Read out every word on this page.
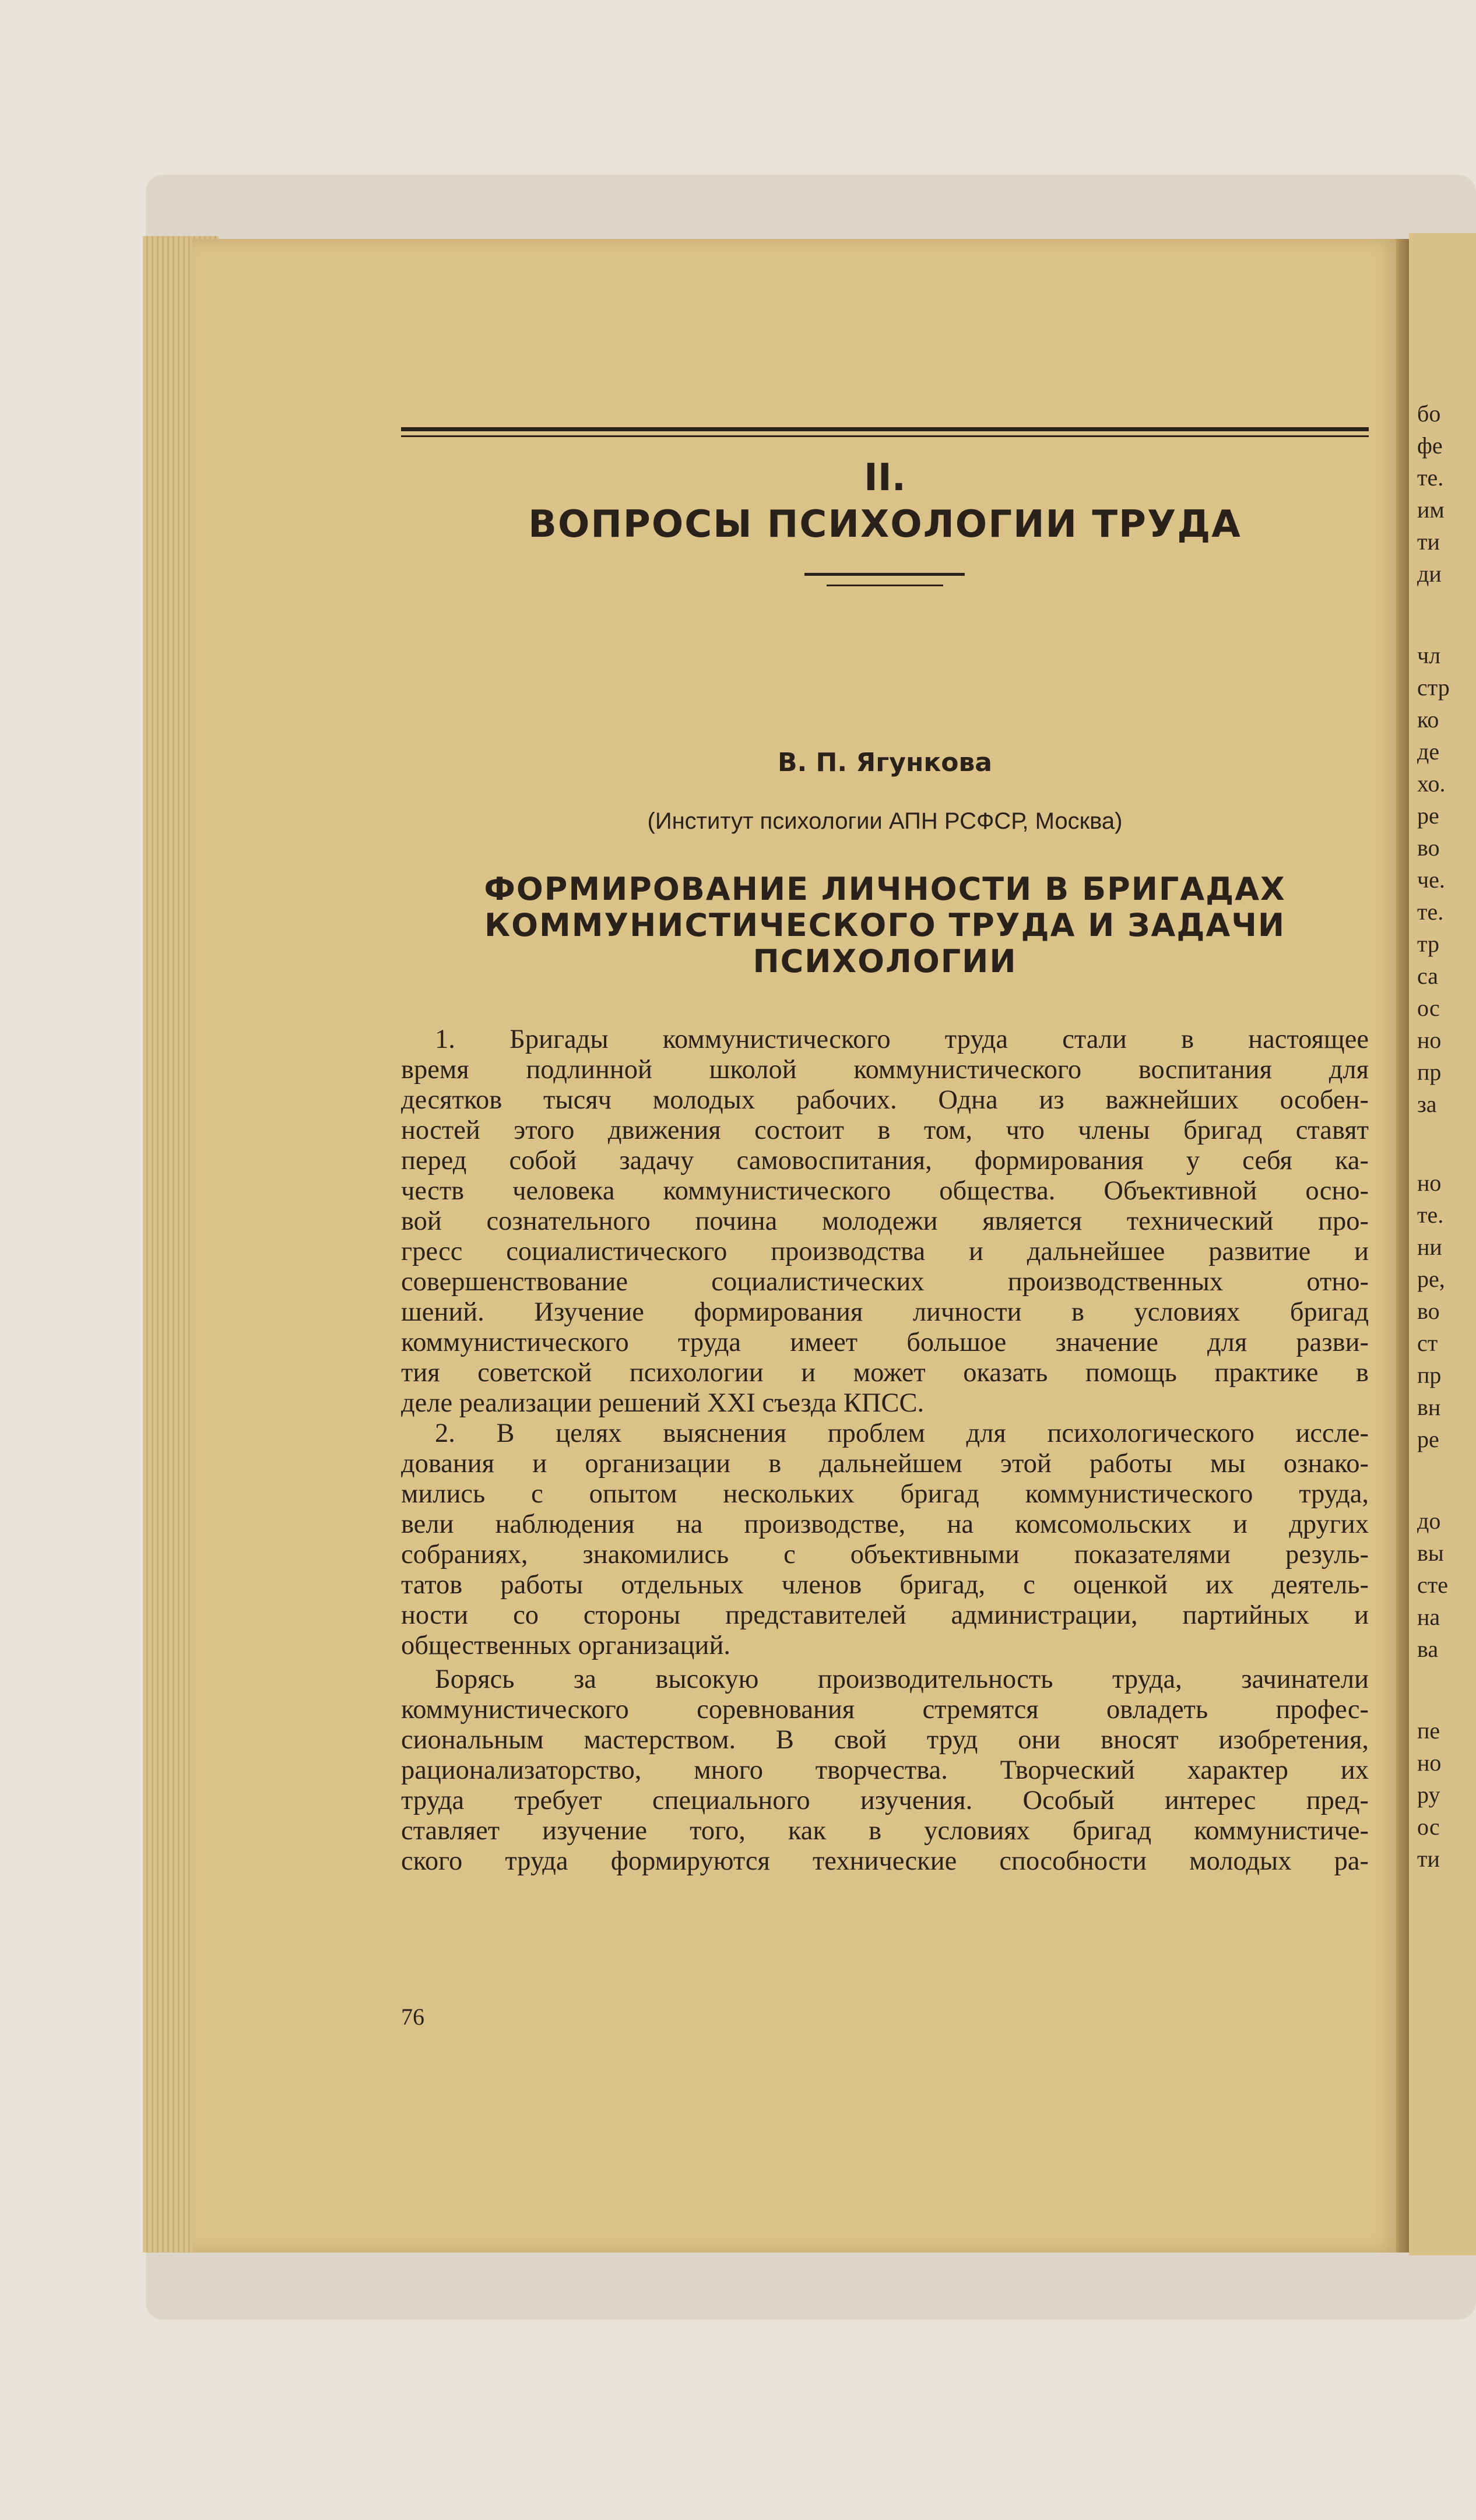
бо
фе
те.
им
ти
ди
чл
стр
ко
де
хо.
ре
во
че.
те.
тр
са
ос
но
пр
за
но
те.
ни
ре,
во
ст
пр
вн
ре
до
вы
сте
на
ва
пе
но
ру
ос
ти
II.
ВОПРОСЫ ПСИХОЛОГИИ ТРУДА
В. П. Ягункова
(Институт психологии АПН РСФСР, Москва)
ФОРМИРОВАНИЕ ЛИЧНОСТИ В БРИГАДАХ
КОММУНИСТИЧЕСКОГО ТРУДА И ЗАДАЧИ
ПСИХОЛОГИИ
1. Бригады коммунистического труда стали в настоящее
время подлинной школой коммунистического воспитания для
десятков тысяч молодых рабочих. Одна из важнейших особен-
ностей этого движения состоит в том, что члены бригад ставят
перед собой задачу самовоспитания, формирования у себя ка-
честв человека коммунистического общества. Объективной осно-
вой сознательного почина молодежи является технический про-
гресс социалистического производства и дальнейшее развитие и
совершенствование социалистических производственных отно-
шений. Изучение формирования личности в условиях бригад
коммунистического труда имеет большое значение для разви-
тия советской психологии и может оказать помощь практике в
деле реализации решений XXI съезда КПСС.
2. В целях выяснения проблем для психологического иссле-
дования и организации в дальнейшем этой работы мы ознако-
мились с опытом нескольких бригад коммунистического труда,
вели наблюдения на производстве, на комсомольских и других
собраниях, знакомились с объективными показателями резуль-
татов работы отдельных членов бригад, с оценкой их деятель-
ности со стороны представителей администрации, партийных и
общественных организаций.
Борясь за высокую производительность труда, зачинатели
коммунистического соревнования стремятся овладеть профес-
сиональным мастерством. В свой труд они вносят изобретения,
рационализаторство, много творчества. Творческий характер их
труда требует специального изучения. Особый интерес пред-
ставляет изучение того, как в условиях бригад коммунистиче-
ского труда формируются технические способности молодых ра-
76
